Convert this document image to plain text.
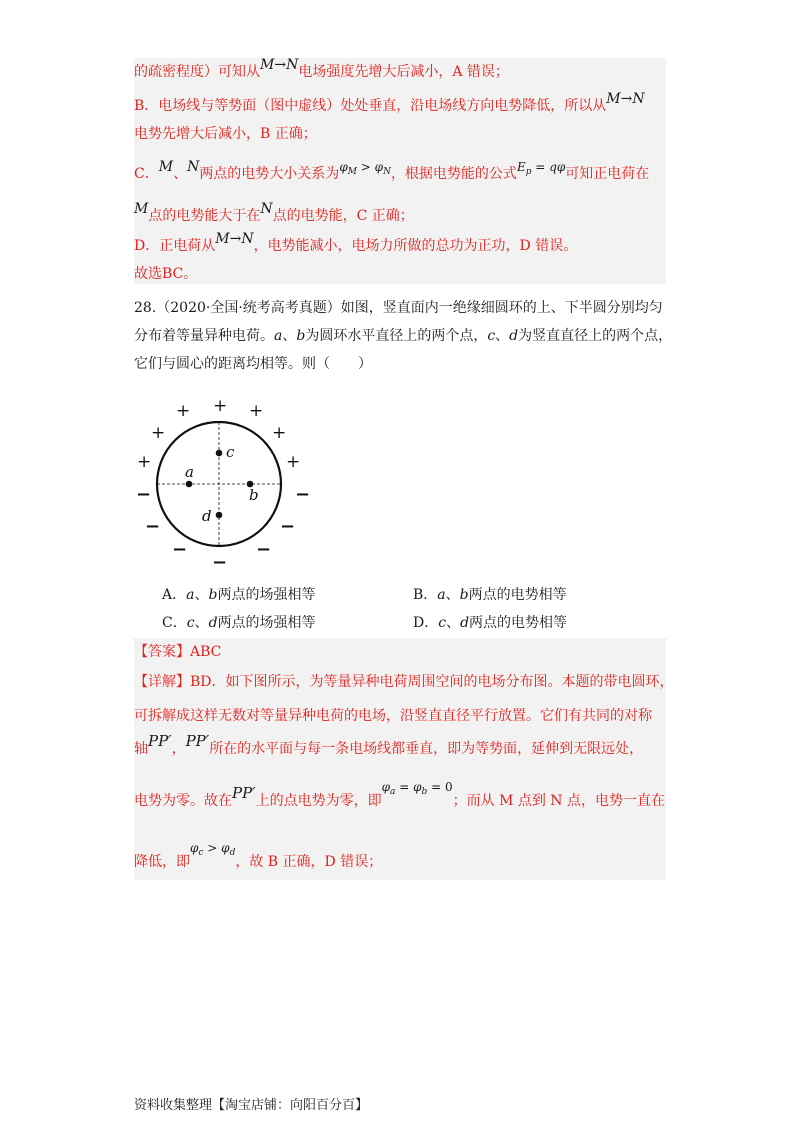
的疏密程度）可知从M→N电场强度先增大后减小，A 错误；
B．电场线与等势面（图中虚线）处处垂直，沿电场线方向电势降低，所以从M→N
电势先增大后减小，B 正确；
C．M、N两点的电势大小关系为$\varphi_M > \varphi_N$，根据电势能的公式$E_p = q\varphi$可知正电荷在
M点的电势能大于在N点的电势能，C 正确；
D．正电荷从M→N，电势能减小，电场力所做的总功为正功，D 错误。
故选BC。
28.（2020·全国·统考高考真题）如图，竖直面内一绝缘细圆环的上、下半圆分别均匀
分布着等量异种电荷。a、b为圆环水平直径上的两个点，c、d为竖直直径上的两个点，
它们与圆心的距离均相等。则（　　）
a
b
c
d
+
+	+
+	+
+	+
−	−
−	−
−	−
−
A．a、b两点的场强相等	B．a、b两点的电势相等
C．c、d两点的场强相等	D．c、d两点的电势相等
【答案】ABC
【详解】BD．如下图所示，为等量异种电荷周围空间的电场分布图。本题的带电圆环，
可拆解成这样无数对等量异种电荷的电场，沿竖直直径平行放置。它们有共同的对称
轴PP′，PP′所在的水平面与每一条电场线都垂直，即为等势面，延伸到无限远处，
电势为零。故在PP′上的点电势为零，即$\varphi_a = \varphi_b = 0$；而从 M 点到 N 点，电势一直在
降低，即$\varphi_c > \varphi_d$，故 B 正确，D 错误；
资料收集整理【淘宝店铺：向阳百分百】
